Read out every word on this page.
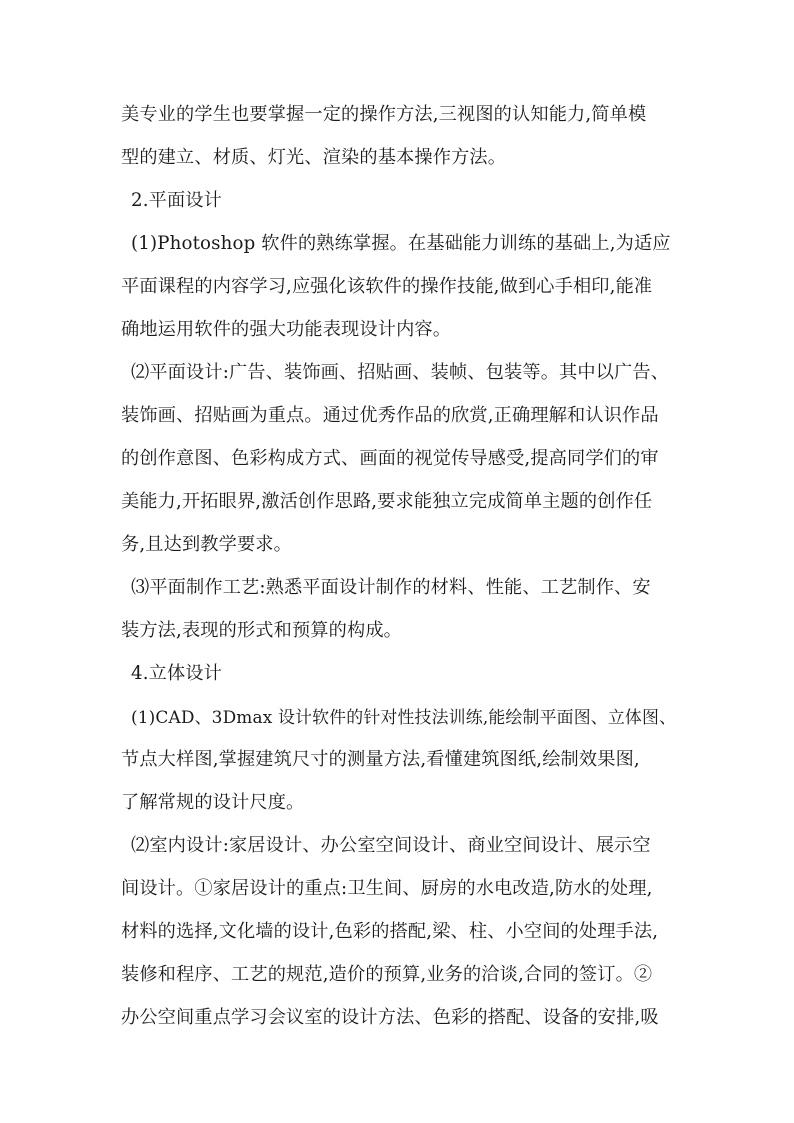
美专业的学生也要掌握一定的操作方法,三视图的认知能力,简单模
型的建立、材质、灯光、渲染的基本操作方法。
2.平面设计
(1)Photoshop 软件的熟练掌握。在基础能力训练的基础上,为适应
平面课程的内容学习,应强化该软件的操作技能,做到心手相印,能准
确地运用软件的强大功能表现设计内容。
⑵平面设计:广告、装饰画、招贴画、装帧、包装等。其中以广告、
装饰画、招贴画为重点。通过优秀作品的欣赏,正确理解和认识作品
的创作意图、色彩构成方式、画面的视觉传导感受,提高同学们的审
美能力,开拓眼界,激活创作思路,要求能独立完成简单主题的创作任
务,且达到教学要求。
⑶平面制作工艺:熟悉平面设计制作的材料、性能、工艺制作、安
装方法,表现的形式和预算的构成。
4.立体设计
(1)CAD、3Dmax 设计软件的针对性技法训练,能绘制平面图、立体图、
节点大样图,掌握建筑尺寸的测量方法,看懂建筑图纸,绘制效果图,
了解常规的设计尺度。
⑵室内设计:家居设计、办公室空间设计、商业空间设计、展示空
间设计。①家居设计的重点:卫生间、厨房的水电改造,防水的处理,
材料的选择,文化墙的设计,色彩的搭配,梁、柱、小空间的处理手法,
装修和程序、工艺的规范,造价的预算,业务的洽谈,合同的签订。②
办公空间重点学习会议室的设计方法、色彩的搭配、设备的安排,吸
